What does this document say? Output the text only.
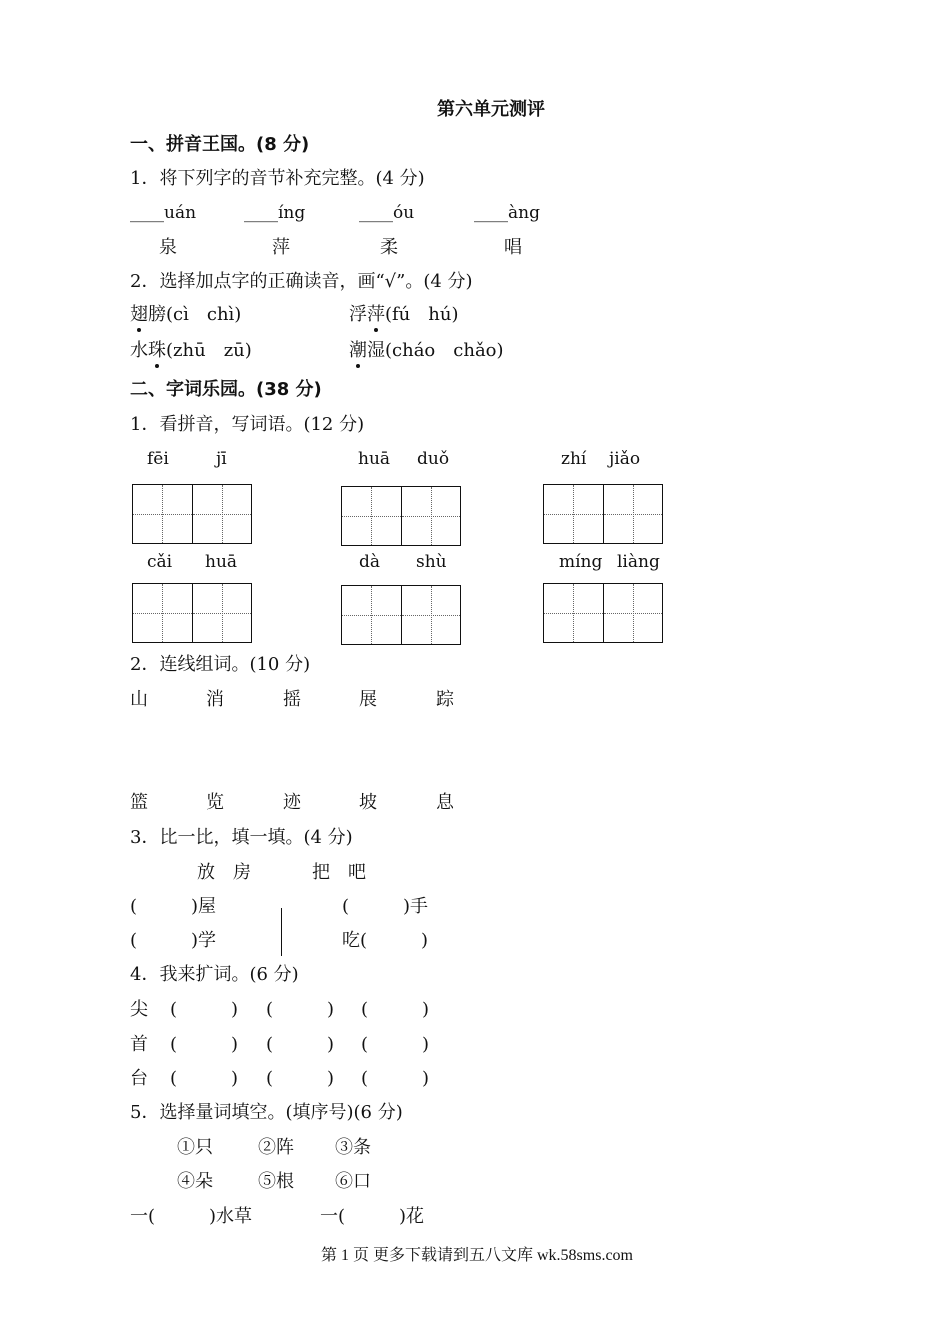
第六单元测评
一、拼音王国。(8 分)
1．将下列字的音节补充完整。(4 分)
____uán	____íng	____óu	____àng
泉	萍	柔	唱
2．选择加点字的正确读音，画“√”。(4 分)
翅膀(cì　chì)	浮萍(fú　hú)
水珠(zhū　zū)	潮湿(cháo　chǎo)
二、字词乐园。(38 分)
1．看拼音，写词语。(12 分)
fēi	jī	huā duǒ	zhí jiǎo
cǎi huā	dà shù	míng liàng
2．连线组词。(10 分)
山	消	摇	展	踪
篮	览	迹	坡	息
3．比一比，填一填。(4 分)
放　房	把　吧
(　　　)屋
(　　　)学
(　　　)手
吃(　　　)
4．我来扩词。(6 分)
尖 (　　　) (　　　) (　　　)
首 (　　　) (　　　) (　　　)
台 (　　　) (　　　) (　　　)
5．选择量词填空。(填序号)(6 分)
①只	②阵 ③条
④朵	⑤根 ⑥口
一(　　　)水草	一(　　　)花
第 1 页 更多下载请到五八文库 wk.58sms.com
